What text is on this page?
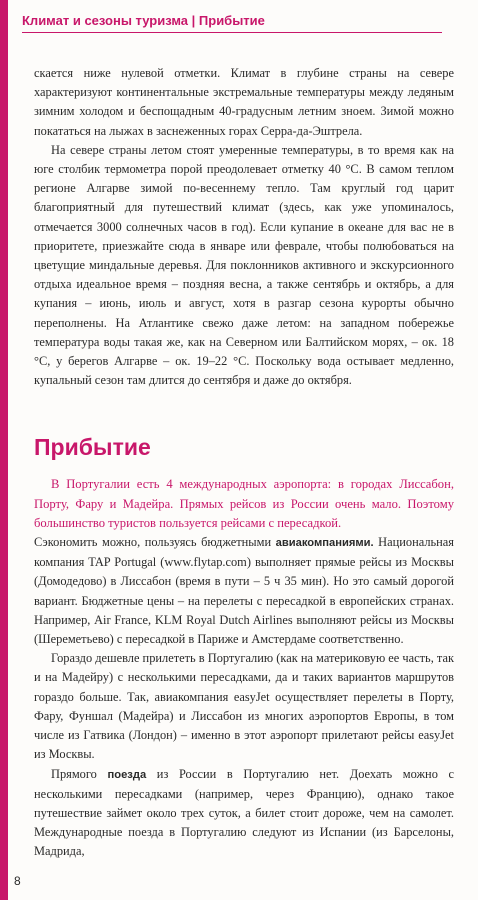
Климат и сезоны туризма | Прибытие

скается ниже нулевой отметки. Климат в глубине страны на севере характеризуют континентальные экстремальные температуры между ледяным зимним холодом и беспощадным 40-градусным летним зноем. Зимой можно покататься на лыжах в заснеженных горах Серра-да-Эштрела.

На севере страны летом стоят умеренные температуры, в то время как на юге столбик термометра порой преодолевает отметку 40 °С. В самом теплом регионе Алгарве зимой по-весеннему тепло. Там круглый год царит благоприятный для путешествий климат (здесь, как уже упоминалось, отмечается 3000 солнечных часов в год). Если купание в океане для вас не в приоритете, приезжайте сюда в январе или феврале, чтобы полюбоваться на цветущие миндальные деревья. Для поклонников активного и экскурсионного отдыха идеальное время – поздняя весна, а также сентябрь и октябрь, а для купания – июнь, июль и август, хотя в разгар сезона курорты обычно переполнены. На Атлантике свежо даже летом: на западном побережье температура воды такая же, как на Северном или Балтийском морях, – ок. 18 °С, у берегов Алгарве – ок. 19–22 °С. Поскольку вода остывает медленно, купальный сезон там длится до сентября и даже до октября.

Прибытие

В Португалии есть 4 международных аэропорта: в городах Лиссабон, Порту, Фару и Мадейра. Прямых рейсов из России очень мало. Поэтому большинство туристов пользуется рейсами с пересадкой.

Сэкономить можно, пользуясь бюджетными авиакомпаниями. Национальная компания TAP Portugal (www.flytap.com) выполняет прямые рейсы из Москвы (Домодедово) в Лиссабон (время в пути – 5 ч 35 мин). Но это самый дорогой вариант. Бюджетные цены – на перелеты с пересадкой в европейских странах. Например, Air France, KLM Royal Dutch Airlines выполняют рейсы из Москвы (Шереметьево) с пересадкой в Париже и Амстердаме соответственно.

Гораздо дешевле прилететь в Португалию (как на материковую ее часть, так и на Мадейру) с несколькими пересадками, да и таких вариантов маршрутов гораздо больше. Так, авиакомпания easyJet осуществляет перелеты в Порту, Фару, Фуншал (Мадейра) и Лиссабон из многих аэропортов Европы, в том числе из Гатвика (Лондон) – именно в этот аэропорт прилетают рейсы easyJet из Москвы.

Прямого поезда из России в Португалию нет. Доехать можно с несколькими пересадками (например, через Францию), однако такое путешествие займет около трех суток, а билет стоит дороже, чем на самолет. Международные поезда в Португалию следуют из Испании (из Барселоны, Мадрида,

8
